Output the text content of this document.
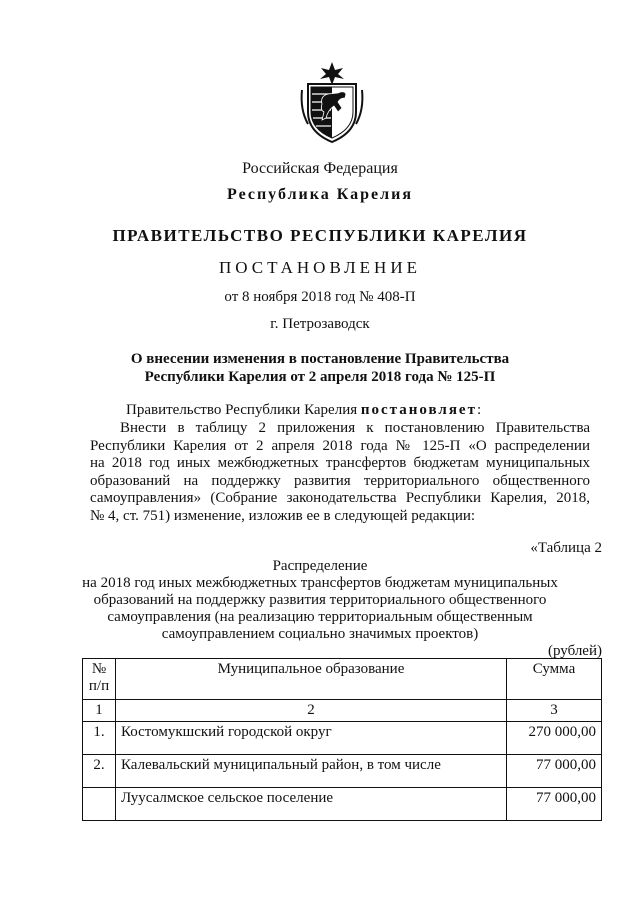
Российская Федерация
Республика Карелия
ПРАВИТЕЛЬСТВО РЕСПУБЛИКИ КАРЕЛИЯ
ПОСТАНОВЛЕНИЕ
от 8 ноября 2018 год № 408-П
г. Петрозаводск
О внесении изменения в постановление Правительства
Республики Карелия от 2 апреля 2018 года № 125-П
Правительство Республики Карелия постановляет:
Внести в таблицу 2 приложения к постановлению Правительства
Республики Карелия от 2 апреля 2018 года № 125-П «О распределении
на 2018 год иных межбюджетных трансфертов бюджетам муниципальных
образований на поддержку развития территориального общественного
самоуправления» (Собрание законодательства Республики Карелия, 2018,
№ 4, ст. 751) изменение, изложив ее в следующей редакции:
«Таблица 2
Распределение
на 2018 год иных межбюджетных трансфертов бюджетам муниципальных
образований на поддержку развития территориального общественного
самоуправления (на реализацию территориальным общественным
самоуправлением социально значимых проектов)
(рублей)
№
п/п	Муниципальное образование	Сумма
1	2	3
1.	Костомукшский городской округ	270 000,00
2.	Калевальский муниципальный район, в том числе	77 000,00
	Луусалмское сельское поселение	77 000,00
